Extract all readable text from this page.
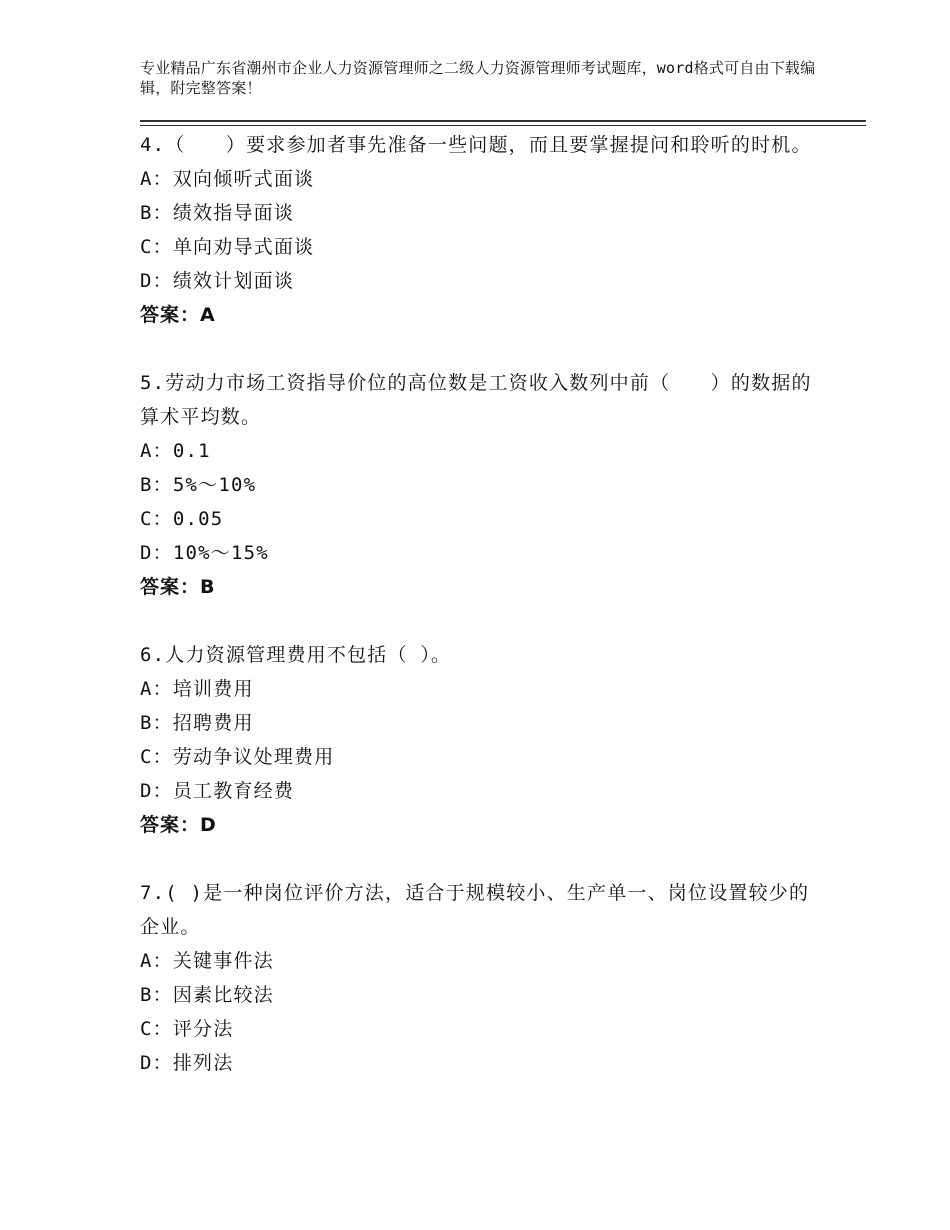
专业精品广东省潮州市企业人力资源管理师之二级人力资源管理师考试题库，word格式可自由下载编辑，附完整答案！

4.（　　）要求参加者事先准备一些问题，而且要掌握提问和聆听的时机。

A：双向倾听式面谈

B：绩效指导面谈

C：单向劝导式面谈

D：绩效计划面谈

答案：A

5.劳动力市场工资指导价位的高位数是工资收入数列中前（　　）的数据的算术平均数。

A：0.1

B：5%～10%

C：0.05

D：10%～15%

答案：B

6.人力资源管理费用不包括（ ）。

A：培训费用

B：招聘费用

C：劳动争议处理费用

D：员工教育经费

答案：D

7.( )是一种岗位评价方法，适合于规模较小、生产单一、岗位设置较少的企业。

A：关键事件法

B：因素比较法

C：评分法

D：排列法
